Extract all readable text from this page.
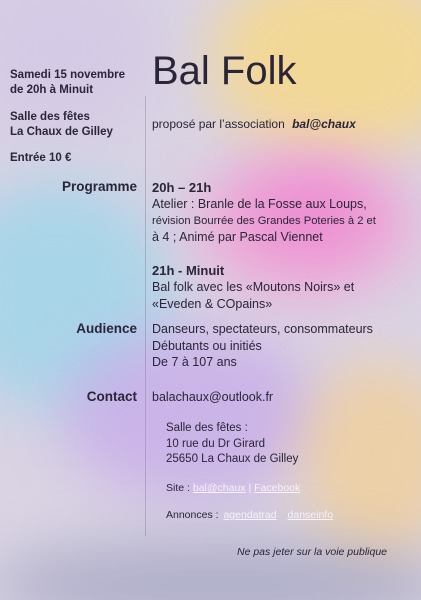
Samedi 15 novembre
de 20h à Minuit
Salle des fêtes
La Chaux de Gilley
Entrée 10 €
Bal Folk
proposé par l’association bal@chaux
Programme 20h – 21h
Atelier : Branle de la Fosse aux Loups,
révision Bourrée des Grandes Poteries à 2 et
à 4 ; Animé par Pascal Viennet
21h - Minuit
Bal folk avec les «Moutons Noirs» et
«Eveden & COpains»
Audience Danseurs, spectateurs, consommateurs
Débutants ou initiés
De 7 à 107 ans
Contact balachaux@outlook.fr
Salle des fêtes :
10 rue du Dr Girard
25650 La Chaux de Gilley
Site : bal@chaux | Facebook
Annonces : agendatrad danseinfo
Ne pas jeter sur la voie publique
